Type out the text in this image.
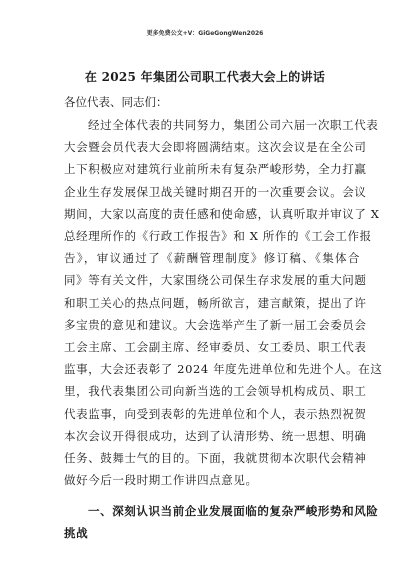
更多免费公文+V：GiGeGongWen2026
在 2025 年集团公司职工代表大会上的讲话
各位代表、同志们：
经过全体代表的共同努力，集团公司六届一次职工代表
大会暨会员代表大会即将圆满结束。这次会议是在全公司
上下积极应对建筑行业前所未有复杂严峻形势，全力打赢
企业生存发展保卫战关键时期召开的一次重要会议。会议
期间，大家以高度的责任感和使命感，认真听取并审议了 X
总经理所作的《行政工作报告》和 X 所作的《工会工作报
告》，审议通过了《薪酬管理制度》修订稿、《集体合
同》等有关文件，大家围绕公司保生存求发展的重大问题
和职工关心的热点问题，畅所欲言，建言献策，提出了许
多宝贵的意见和建议。大会选举产生了新一届工会委员会
工会主席、工会副主席、经审委员、女工委员、职工代表
监事，大会还表彰了 2024 年度先进单位和先进个人。在这
里，我代表集团公司向新当选的工会领导机构成员、职工
代表监事，向受到表彰的先进单位和个人，表示热烈祝贺
本次会议开得很成功，达到了认清形势、统一思想、明确
任务、鼓舞士气的目的。下面，我就贯彻本次职代会精神
做好今后一段时期工作讲四点意见。
一、深刻认识当前企业发展面临的复杂严峻形势和风险
挑战
